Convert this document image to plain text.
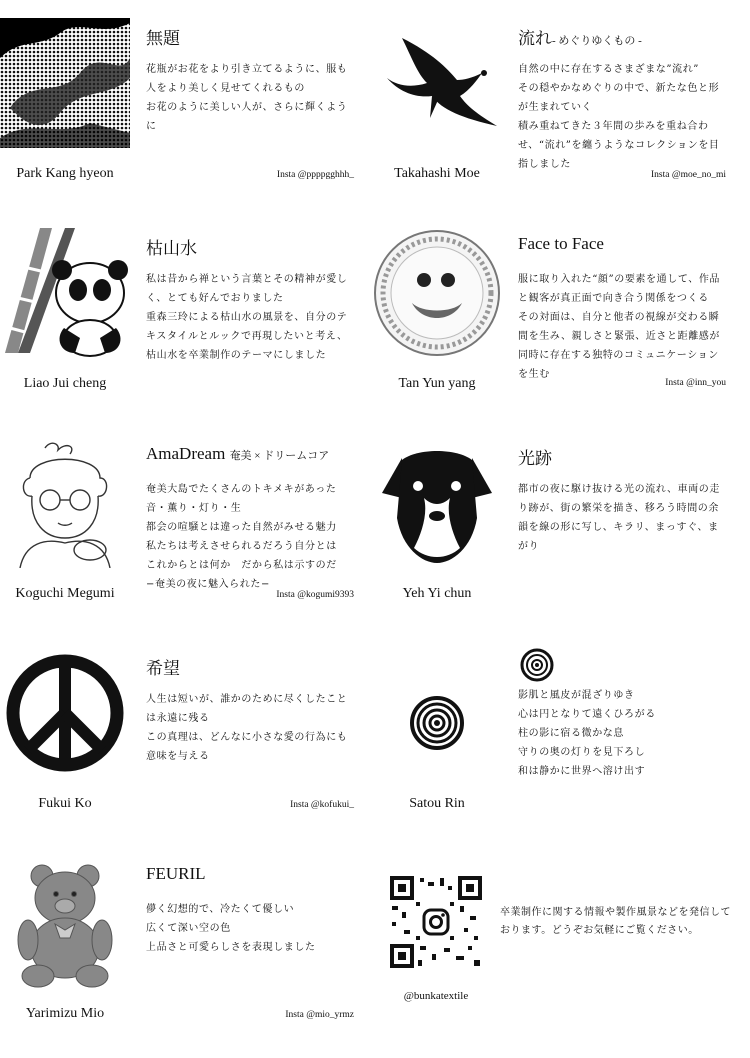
Park Kang hyeon
無題
花瓶がお花をより引き立てるように、服も人をより美しく見せてくれるもの
お花のように美しい人が、さらに輝くように
Insta @ppppgghhh_	Takahashi Moe
流れ- めぐりゆくもの -
自然の中に存在するさまざまな”流れ”
その穏やかなめぐりの中で、新たな色と形が生まれていく
積み重ねてきた３年間の歩みを重ね合わせ、“流れ”を纏うようなコレクションを目指しました
Insta @moe_no_mi
Liao Jui cheng
枯山水
私は昔から禅という言葉とその精神が愛しく、とても好んでおりました
重森三玲による枯山水の風景を、自分のテキスタイルとルックで再現したいと考え、
枯山水を卒業制作のテーマにしました
Tan Yun yang
Face to Face
服に取り入れた“顔”の要素を通して、作品と観客が真正面で向き合う関係をつくる
その対面は、自分と他者の視線が交わる瞬間を生み、親しさと緊張、近さと距離感が同時に存在する独特のコミュニケーションを生む
Insta @inn_you
Koguchi Megumi
AmaDream 奄美 × ドリームコア
奄美大島でたくさんのトキメキがあった
音・薫り・灯り・生
都会の喧騒とは違った自然がみせる魅力
私たちは考えさせられるだろう自分とは
これからとは何か　だから私は示すのだ
−奄美の夜に魅入られた−
Insta @kogumi9393	Yeh Yi chun
光跡
都市の夜に駆け抜ける光の流れ、車両の走り跡が、街の繁栄を描き、移ろう時間の余韻を線の形に写し、キラリ、まっすぐ、まがり
Fukui Ko
希望
人生は短いが、誰かのために尽くしたことは永遠に残る
この真理は、どんなに小さな愛の行為にも意味を与える
Insta @kofukui_	Satou Rin
影肌と風皮が混ざりゆき
心は円となりて遠くひろがる
柱の影に宿る微かな息
守りの奥の灯りを見下ろし
和は静かに世界へ溶け出す
Yarimizu Mio
FEURIL
儚く幻想的で、冷たくて優しい
広くて深い空の色
上品さと可愛らしさを表現しました
Insta @mio_yrmz
卒業制作に関する情報や製作風景などを発信しております。どうぞお気軽にご覧ください。
@bunkatextile
